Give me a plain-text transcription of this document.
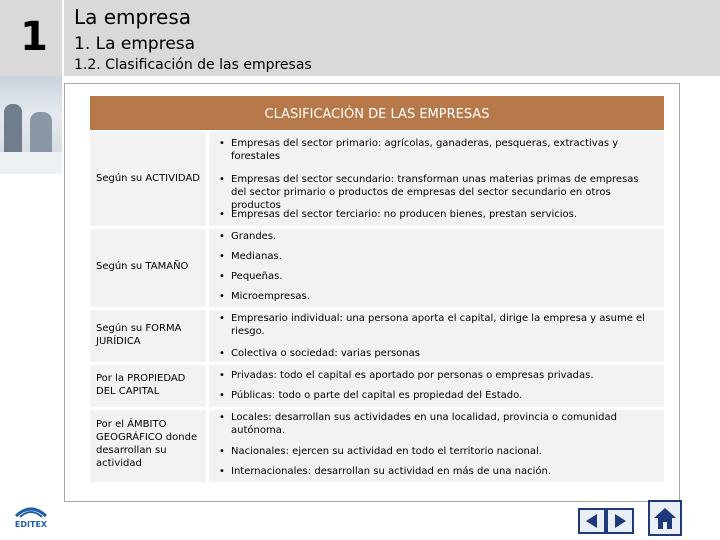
1 La empresa
1. La empresa
1.2. Clasificación de las empresas
CLASIFICACIÓN DE LAS EMPRESAS
Según su ACTIVIDAD
• Empresas del sector primario: agrícolas, ganaderas, pesqueras, extractivas y forestales
• Empresas del sector secundario: transforman unas materias primas de empresas del sector primario o productos de empresas del sector secundario en otros productos
• Empresas del sector terciario: no producen bienes, prestan servicios.
Según su TAMAÑO
• Grandes.
• Medianas.
• Pequeñas.
• Microempresas.
Según su FORMA JURÍDICA
• Empresario individual: una persona aporta el capital, dirige la empresa y asume el riesgo.
• Colectiva o sociedad: varias personas
Por la PROPIEDAD DEL CAPITAL
• Privadas: todo el capital es aportado por personas o empresas privadas.
• Públicas: todo o parte del capital es propiedad del Estado.
Por el ÁMBITO GEOGRÁFICO donde desarrollan su actividad
• Locales: desarrollan sus actividades en una localidad, provincia o comunidad autónoma.
• Nacionales: ejercen su actividad en todo el territorio nacional.
• Internacionales: desarrollan su actividad en más de una nación.
EDITEX
